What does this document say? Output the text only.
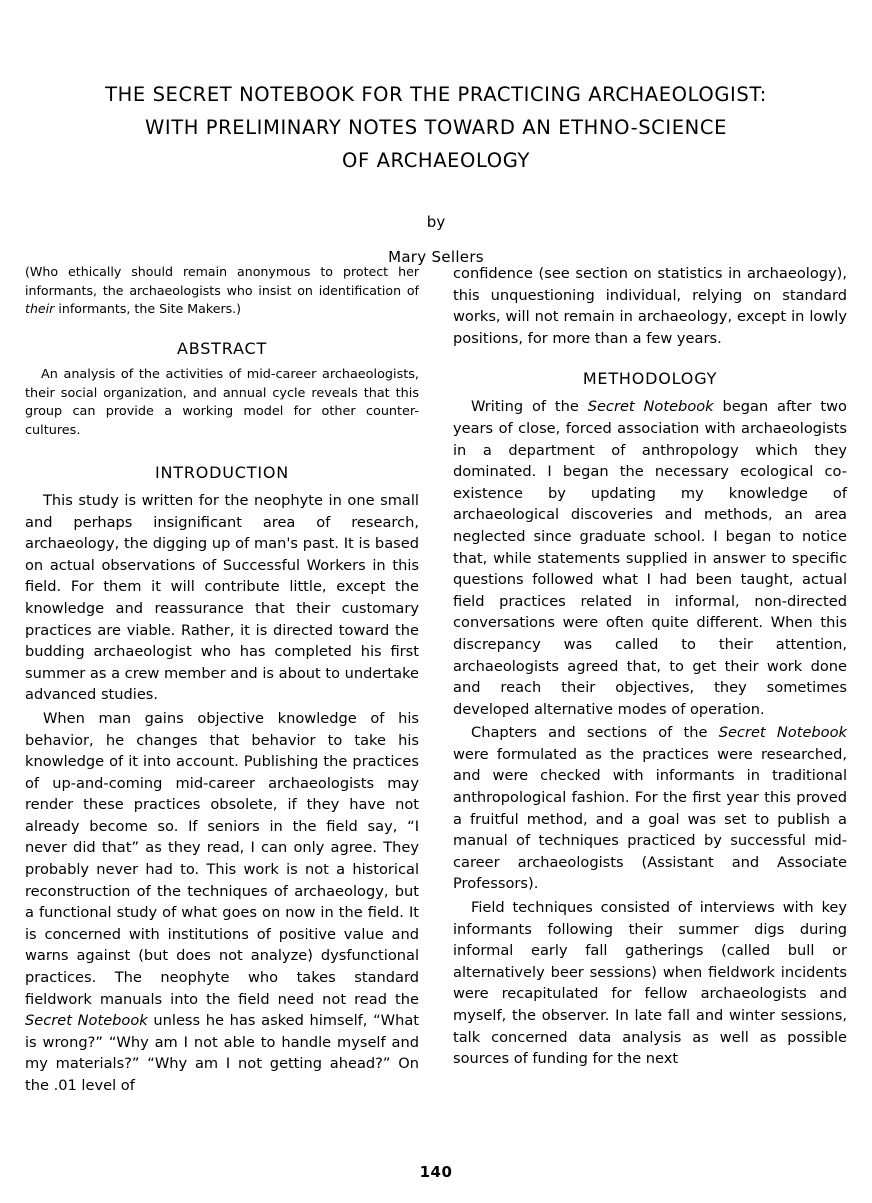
THE SECRET NOTEBOOK FOR THE PRACTICING ARCHAEOLOGIST:
WITH PRELIMINARY NOTES TOWARD AN ETHNO-SCIENCE
OF ARCHAEOLOGY
by
Mary Sellers

(Who ethically should remain anonymous to protect her informants, the archaeologists who insist on identification of their informants, the Site Makers.)

ABSTRACT

An analysis of the activities of mid-career archaeologists, their social organization, and annual cycle reveals that this group can provide a working model for other counter-cultures.

INTRODUCTION

This study is written for the neophyte in one small and perhaps insignificant area of research, archaeology, the digging up of man's past. It is based on actual observations of Successful Workers in this field. For them it will contribute little, except the knowledge and reassurance that their customary practices are viable. Rather, it is directed toward the budding archaeologist who has completed his first summer as a crew member and is about to undertake advanced studies.

When man gains objective knowledge of his behavior, he changes that behavior to take his knowledge of it into account. Publishing the practices of up-and-coming mid-career archaeologists may render these practices obsolete, if they have not already become so. If seniors in the field say, “I never did that” as they read, I can only agree. They probably never had to. This work is not a historical reconstruction of the techniques of archaeology, but a functional study of what goes on now in the field. It is concerned with institutions of positive value and warns against (but does not analyze) dysfunctional practices. The neophyte who takes standard fieldwork manuals into the field need not read the Secret Notebook unless he has asked himself, “What is wrong?” “Why am I not able to handle myself and my materials?” “Why am I not getting ahead?” On the .01 level of

confidence (see section on statistics in archaeology), this unquestioning individual, relying on standard works, will not remain in archaeology, except in lowly positions, for more than a few years.

METHODOLOGY

Writing of the Secret Notebook began after two years of close, forced association with archaeologists in a department of anthropology which they dominated. I began the necessary ecological co-existence by updating my knowledge of archaeological discoveries and methods, an area neglected since graduate school. I began to notice that, while statements supplied in answer to specific questions followed what I had been taught, actual field practices related in informal, non-directed conversations were often quite different. When this discrepancy was called to their attention, archaeologists agreed that, to get their work done and reach their objectives, they sometimes developed alternative modes of operation.

Chapters and sections of the Secret Notebook were formulated as the practices were researched, and were checked with informants in traditional anthropological fashion. For the first year this proved a fruitful method, and a goal was set to publish a manual of techniques practiced by successful mid-career archaeologists (Assistant and Associate Professors).

Field techniques consisted of interviews with key informants following their summer digs during informal early fall gatherings (called bull or alternatively beer sessions) when fieldwork incidents were recapitulated for fellow archaeologists and myself, the observer. In late fall and winter sessions, talk concerned data analysis as well as possible sources of funding for the next

140
